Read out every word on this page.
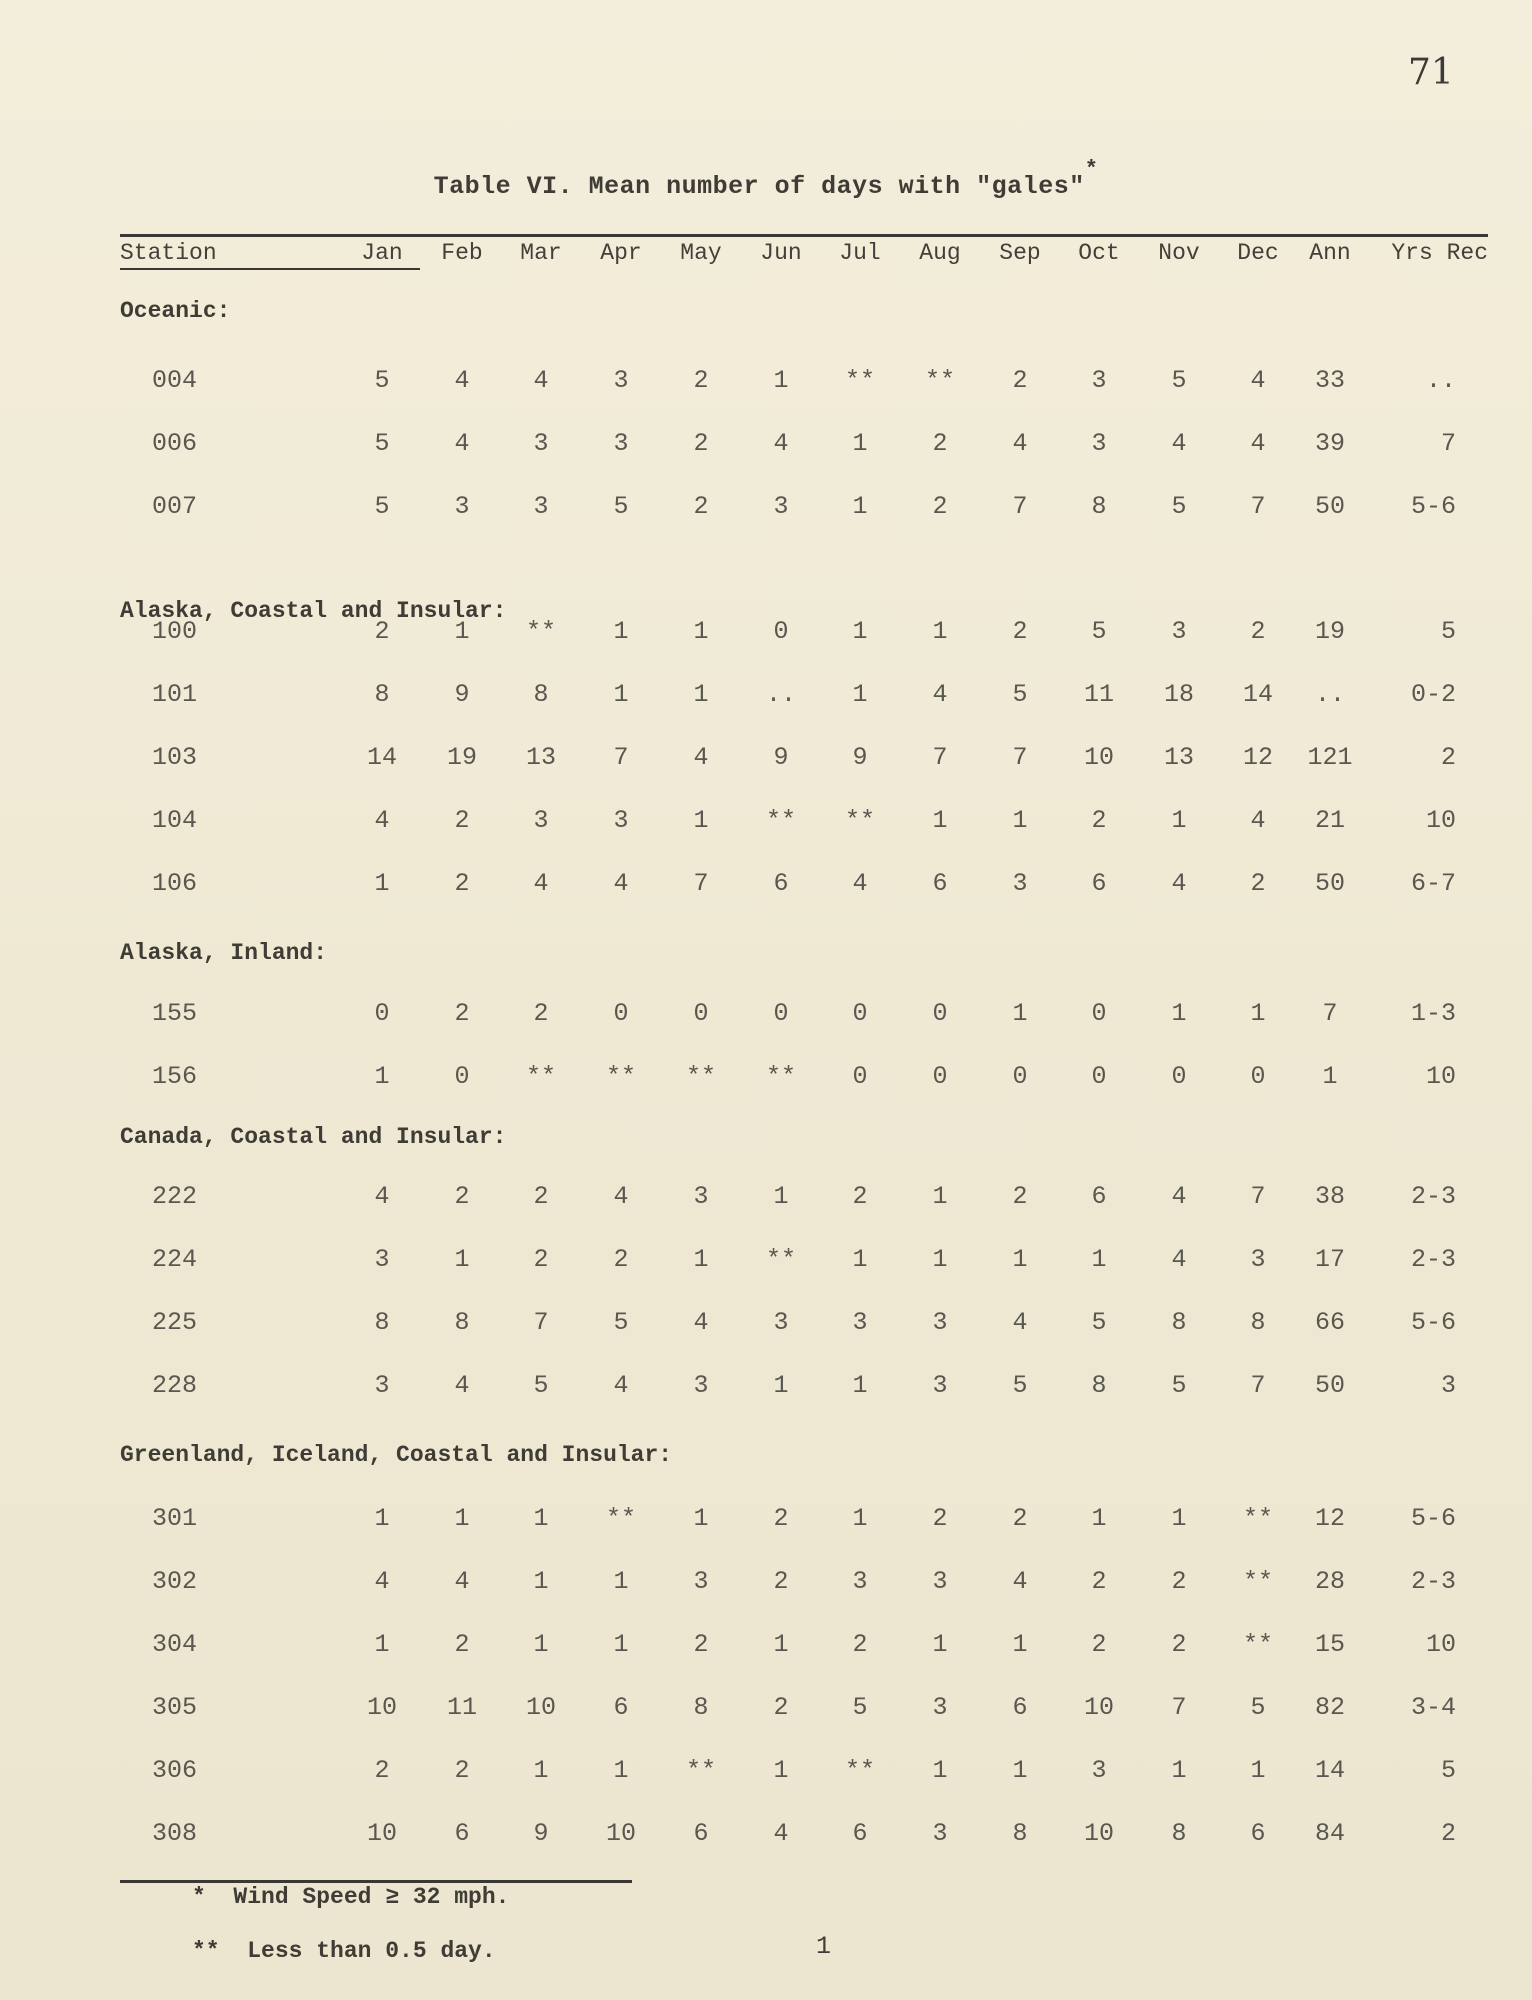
71
Table VI. Mean number of days with "gales"*
Station	Jan	Feb	Mar	Apr	May	Jun	Jul	Aug	Sep	Oct	Nov	Dec	Ann	Yrs Rec
Oceanic:
004	5	4	4	3	2	1	**	**	2	3	5	4	33	..
006	5	4	3	3	2	4	1	2	4	3	4	4	39	7
007	5	3	3	5	2	3	1	2	7	8	5	7	50	5-6
Alaska, Coastal and Insular:
100	2	1	**	1	1	0	1	1	2	5	3	2	19	5
101	8	9	8	1	1	..	1	4	5	11	18	14	..	0-2
103	14	19	13	7	4	9	9	7	7	10	13	12	121	2
104	4	2	3	3	1	**	**	1	1	2	1	4	21	10
106	1	2	4	4	7	6	4	6	3	6	4	2	50	6-7
Alaska, Inland:
155	0	2	2	0	0	0	0	0	1	0	1	1	7	1-3
156	1	0	**	**	**	**	0	0	0	0	0	0	1	10
Canada, Coastal and Insular:
222	4	2	2	4	3	1	2	1	2	6	4	7	38	2-3
224	3	1	2	2	1	**	1	1	1	1	4	3	17	2-3
225	8	8	7	5	4	3	3	3	4	5	8	8	66	5-6
228	3	4	5	4	3	1	1	3	5	8	5	7	50	3
Greenland, Iceland, Coastal and Insular:
301	1	1	1	**	1	2	1	2	2	1	1	**	12	5-6
302	4	4	1	1	3	2	3	3	4	2	2	**	28	2-3
304	1	2	1	1	2	1	2	1	1	2	2	**	15	10
305	10	11	10	6	8	2	5	3	6	10	7	5	82	3-4
306	2	2	1	1	**	1	**	1	1	3	1	1	14	5
308	10	6	9	10	6	4	6	3	8	10	8	6	84	2
* Wind Speed ≥ 32 mph.
** Less than 0.5 day.	1
